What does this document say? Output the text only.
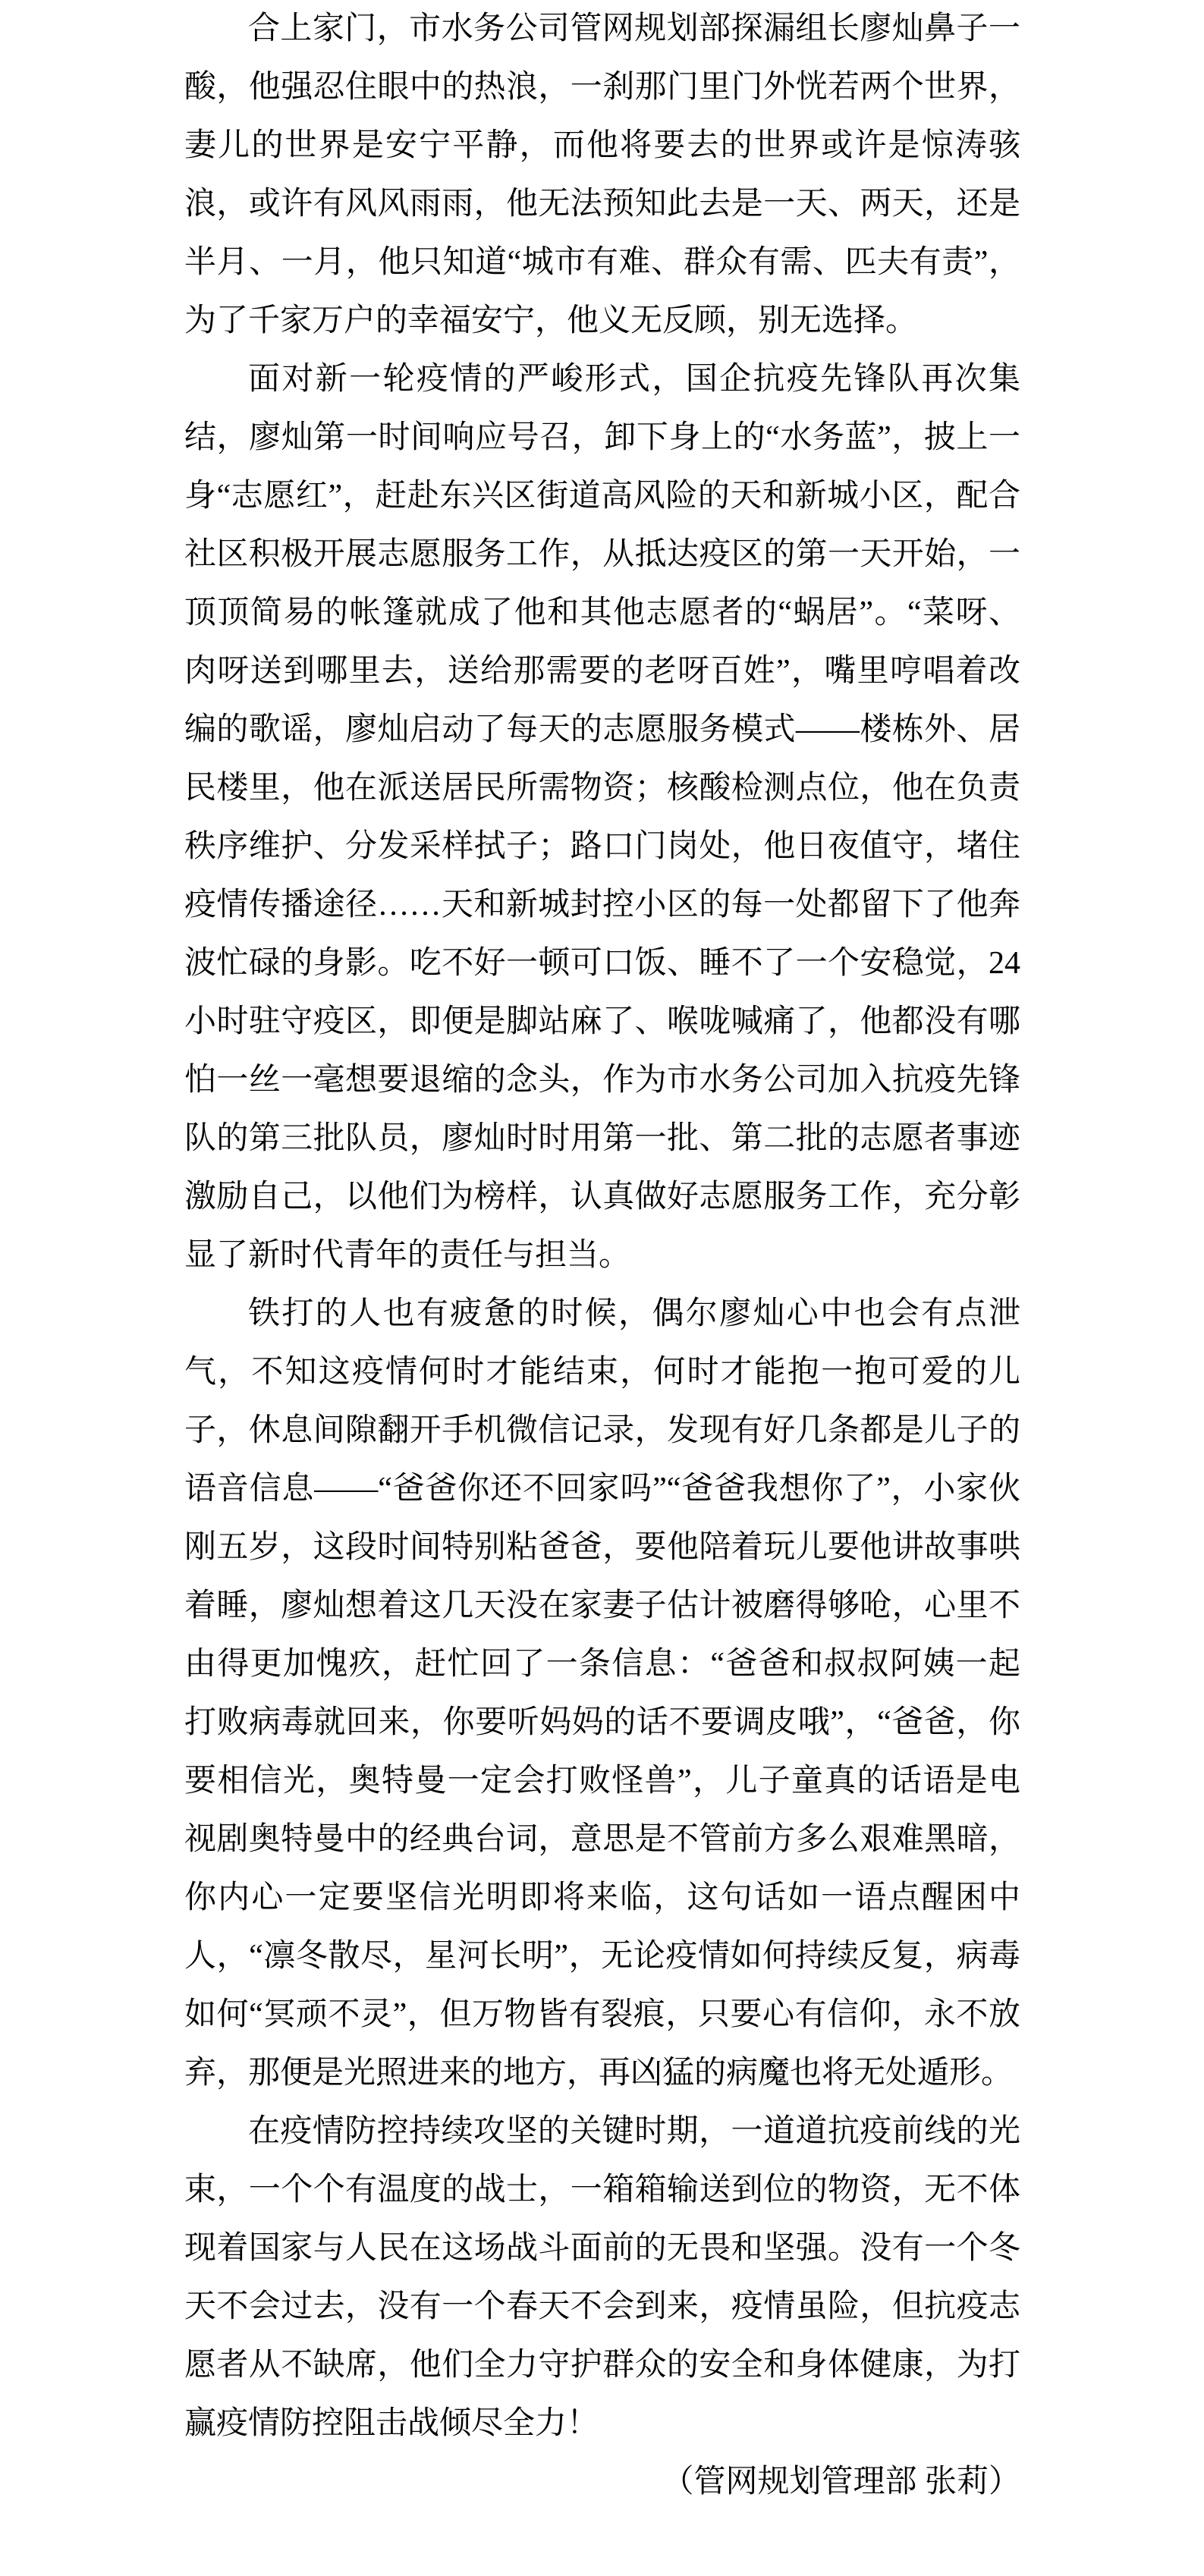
合上家门，市水务公司管网规划部探漏组长廖灿鼻子一酸，他强忍住眼中的热浪，一刹那门里门外恍若两个世界，妻儿的世界是安宁平静，而他将要去的世界或许是惊涛骇浪，或许有风风雨雨，他无法预知此去是一天、两天，还是半月、一月，他只知道“城市有难、群众有需、匹夫有责”，为了千家万户的幸福安宁，他义无反顾，别无选择。

面对新一轮疫情的严峻形式，国企抗疫先锋队再次集结，廖灿第一时间响应号召，卸下身上的“水务蓝”，披上一身“志愿红”，赶赴东兴区街道高风险的天和新城小区，配合社区积极开展志愿服务工作，从抵达疫区的第一天开始，一顶顶简易的帐篷就成了他和其他志愿者的“蜗居”。“菜呀、肉呀送到哪里去，送给那需要的老呀百姓”，嘴里哼唱着改编的歌谣，廖灿启动了每天的志愿服务模式——楼栋外、居民楼里，他在派送居民所需物资；核酸检测点位，他在负责秩序维护、分发采样拭子；路口门岗处，他日夜值守，堵住疫情传播途径……天和新城封控小区的每一处都留下了他奔波忙碌的身影。吃不好一顿可口饭、睡不了一个安稳觉，24 小时驻守疫区，即便是脚站麻了、喉咙喊痛了，他都没有哪怕一丝一毫想要退缩的念头，作为市水务公司加入抗疫先锋队的第三批队员，廖灿时时用第一批、第二批的志愿者事迹激励自己，以他们为榜样，认真做好志愿服务工作，充分彰显了新时代青年的责任与担当。

铁打的人也有疲惫的时候，偶尔廖灿心中也会有点泄气，不知这疫情何时才能结束，何时才能抱一抱可爱的儿子，休息间隙翻开手机微信记录，发现有好几条都是儿子的语音信息——“爸爸你还不回家吗”“爸爸我想你了”，小家伙刚五岁，这段时间特别粘爸爸，要他陪着玩儿要他讲故事哄着睡，廖灿想着这几天没在家妻子估计被磨得够呛，心里不由得更加愧疚，赶忙回了一条信息：“爸爸和叔叔阿姨一起打败病毒就回来，你要听妈妈的话不要调皮哦”，“爸爸，你要相信光，奥特曼一定会打败怪兽”，儿子童真的话语是电视剧奥特曼中的经典台词，意思是不管前方多么艰难黑暗，你内心一定要坚信光明即将来临，这句话如一语点醒困中人，“凛冬散尽，星河长明”，无论疫情如何持续反复，病毒如何“冥顽不灵”，但万物皆有裂痕，只要心有信仰，永不放弃，那便是光照进来的地方，再凶猛的病魔也将无处遁形。

在疫情防控持续攻坚的关键时期，一道道抗疫前线的光束，一个个有温度的战士，一箱箱输送到位的物资，无不体现着国家与人民在这场战斗面前的无畏和坚强。没有一个冬天不会过去，没有一个春天不会到来，疫情虽险，但抗疫志愿者从不缺席，他们全力守护群众的安全和身体健康，为打赢疫情防控阻击战倾尽全力！

（管网规划管理部 张莉）
